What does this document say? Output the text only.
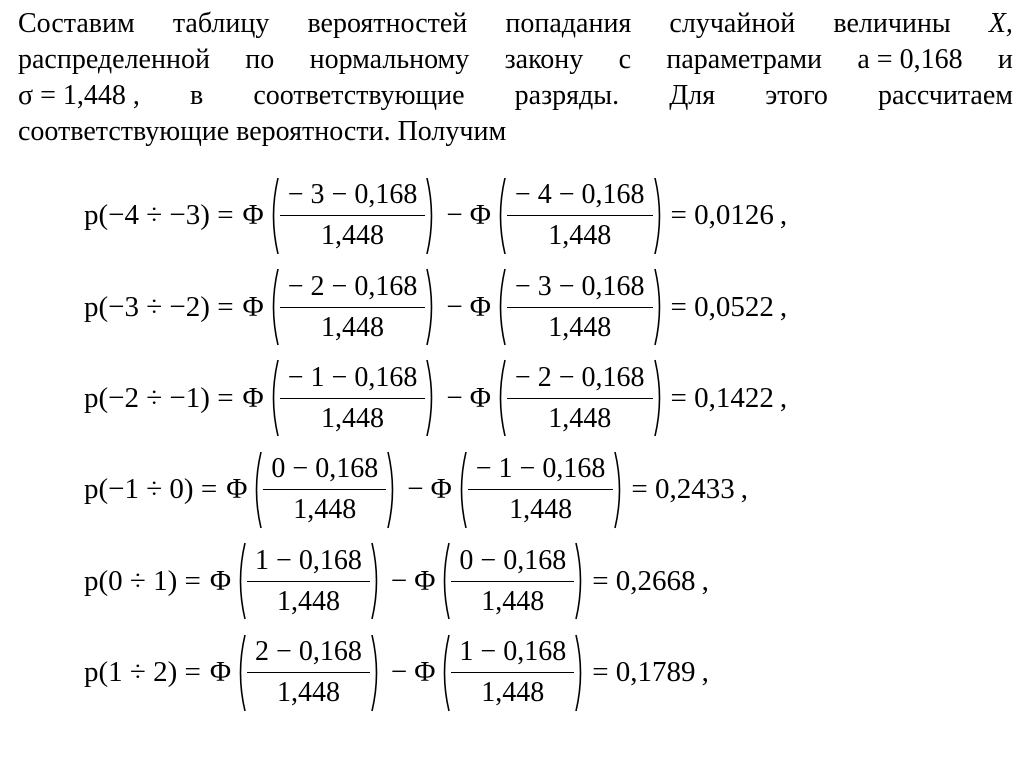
Составим таблицу вероятностей попадания случайной величины X,
распределенной по нормальному закону с параметрами a = 0,168 и
σ = 1,448 , в соответствующие разряды. Для этого рассчитаем
соответствующие вероятности. Получим
p(−4 ÷ −3) = Φ $\frac{- 3 - 0,168}{1,448} - \Phi \frac{- 4 - 0,168}{1,448} = 0,0126$ ,
p(−3 ÷ −2) = Φ $\frac{- 2 - 0,168}{1,448} - \Phi \frac{- 3 - 0,168}{1,448} = 0,0522$ ,
p(−2 ÷ −1) = Φ $\frac{- 1 - 0,168}{1,448} - \Phi \frac{- 2 - 0,168}{1,448} = 0,1422$ ,
p(−1 ÷ 0) = Φ $\frac{0 - 0,168}{1,448} - \Phi \frac{- 1 - 0,168}{1,448} = 0,2433$ ,
p(0 ÷ 1) = Φ $\frac{1 - 0,168}{1,448} - \Phi \frac{0 - 0,168}{1,448} = 0,2668$ ,
p(1 ÷ 2) = Φ $\frac{2 - 0,168}{1,448} - \Phi \frac{1 - 0,168}{1,448} = 0,1789$ ,
